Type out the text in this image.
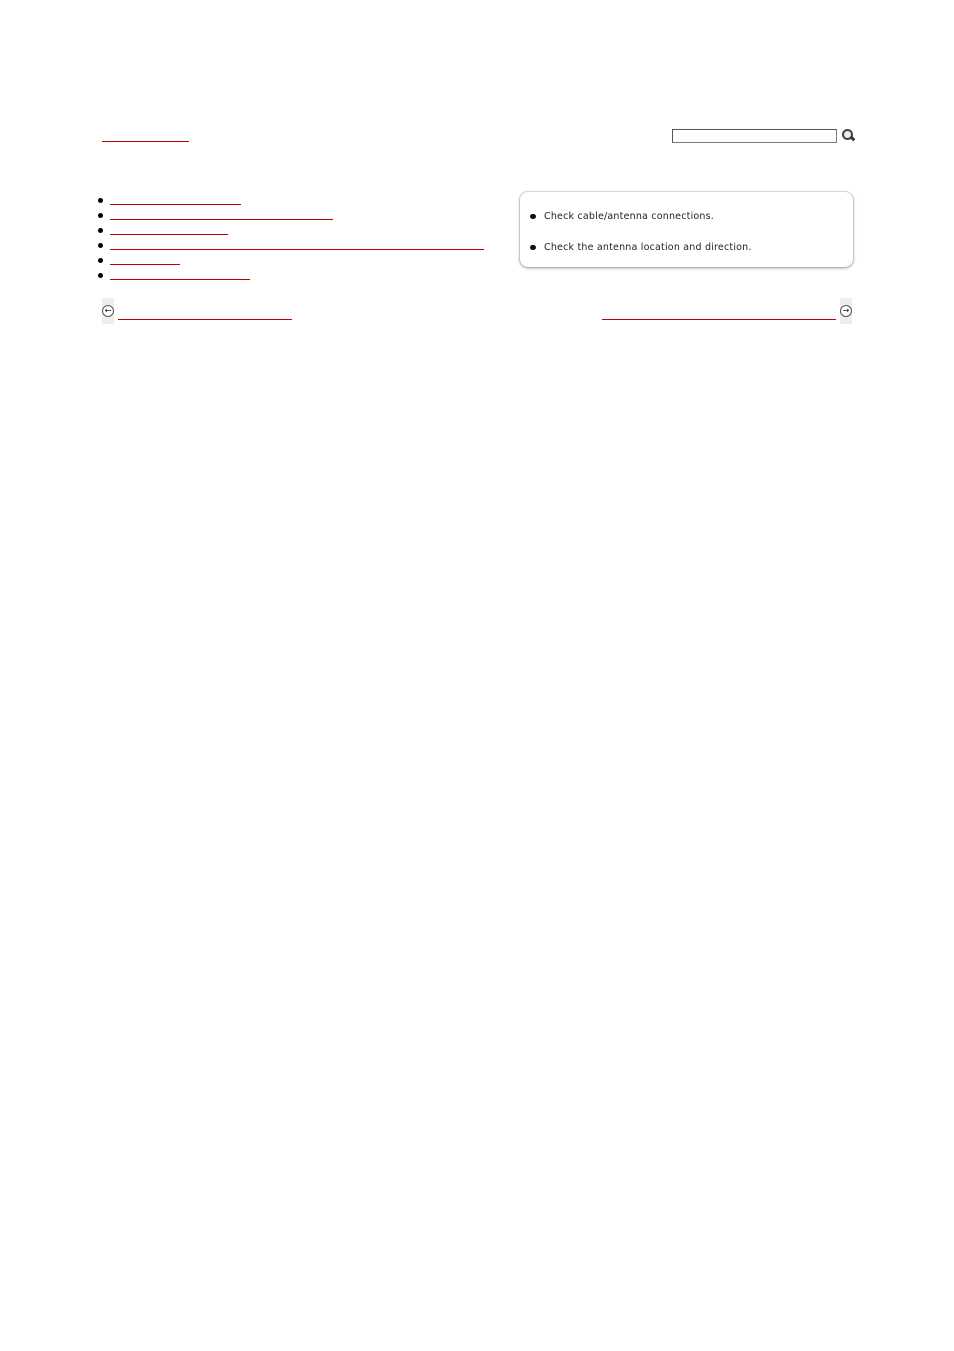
Check cable/antenna connections.
Check the antenna location and direction.
←	→
